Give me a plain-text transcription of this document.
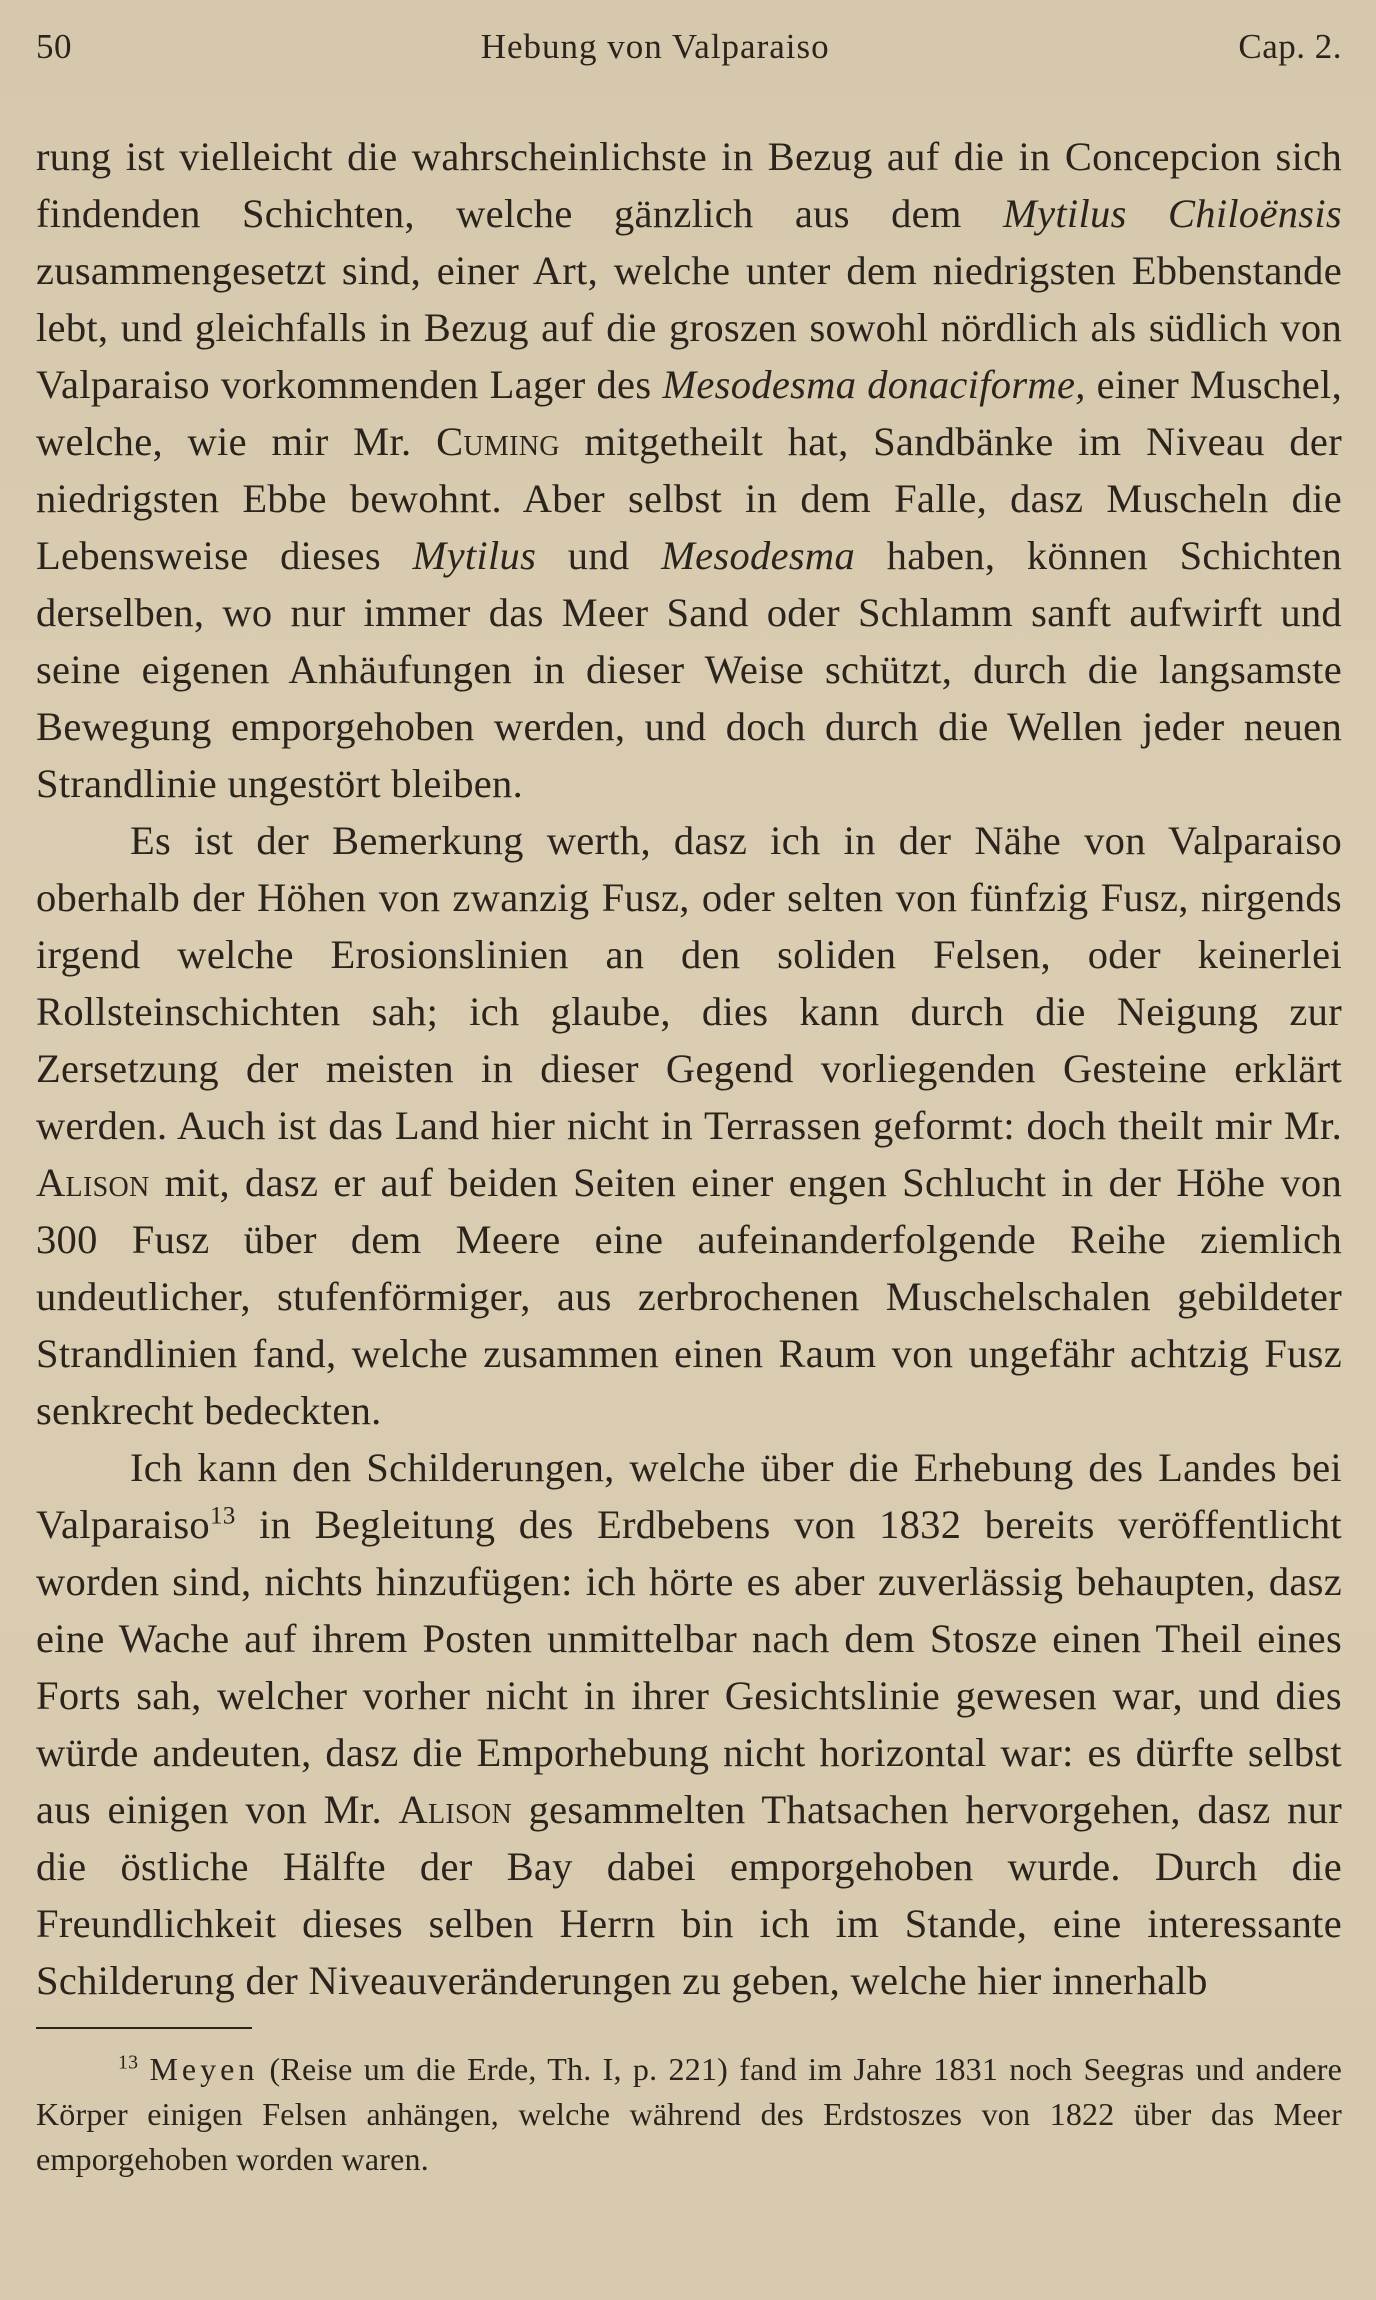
50	Hebung von Valparaiso	Cap. 2.

rung ist vielleicht die wahrscheinlichste in Bezug auf die in Concepcion sich findenden Schichten, welche gänzlich aus dem Mytilus Chiloënsis zusammengesetzt sind, einer Art, welche unter dem niedrigsten Ebbenstande lebt, und gleichfalls in Bezug auf die groszen sowohl nördlich als südlich von Valparaiso vorkommenden Lager des Mesodesma donaciforme, einer Muschel, welche, wie mir Mr. Cuming mitgetheilt hat, Sandbänke im Niveau der niedrigsten Ebbe bewohnt. Aber selbst in dem Falle, dasz Muscheln die Lebensweise dieses Mytilus und Mesodesma haben, können Schichten derselben, wo nur immer das Meer Sand oder Schlamm sanft aufwirft und seine eigenen Anhäufungen in dieser Weise schützt, durch die langsamste Bewegung emporgehoben werden, und doch durch die Wellen jeder neuen Strandlinie ungestört bleiben.

Es ist der Bemerkung werth, dasz ich in der Nähe von Valparaiso oberhalb der Höhen von zwanzig Fusz, oder selten von fünfzig Fusz, nirgends irgend welche Erosionslinien an den soliden Felsen, oder keinerlei Rollsteinschichten sah; ich glaube, dies kann durch die Neigung zur Zersetzung der meisten in dieser Gegend vorliegenden Gesteine erklärt werden. Auch ist das Land hier nicht in Terrassen geformt: doch theilt mir Mr. Alison mit, dasz er auf beiden Seiten einer engen Schlucht in der Höhe von 300 Fusz über dem Meere eine aufeinanderfolgende Reihe ziemlich undeutlicher, stufenförmiger, aus zerbrochenen Muschelschalen gebildeter Strandlinien fand, welche zusammen einen Raum von ungefähr achtzig Fusz senkrecht bedeckten.

Ich kann den Schilderungen, welche über die Erhebung des Landes bei Valparaiso$^{13}$ in Begleitung des Erdbebens von 1832 bereits veröffentlicht worden sind, nichts hinzufügen: ich hörte es aber zuverlässig behaupten, dasz eine Wache auf ihrem Posten unmittelbar nach dem Stosze einen Theil eines Forts sah, welcher vorher nicht in ihrer Gesichtslinie gewesen war, und dies würde andeuten, dasz die Emporhebung nicht horizontal war: es dürfte selbst aus einigen von Mr. Alison gesammelten Thatsachen hervorgehen, dasz nur die östliche Hälfte der Bay dabei emporgehoben wurde. Durch die Freundlichkeit dieses selben Herrn bin ich im Stande, eine interessante Schilderung der Niveauveränderungen zu geben, welche hier innerhalb

$^{13}$ Meyen (Reise um die Erde, Th. I, p. 221) fand im Jahre 1831 noch Seegras und andere Körper einigen Felsen anhängen, welche während des Erdstoszes von 1822 über das Meer emporgehoben worden waren.
